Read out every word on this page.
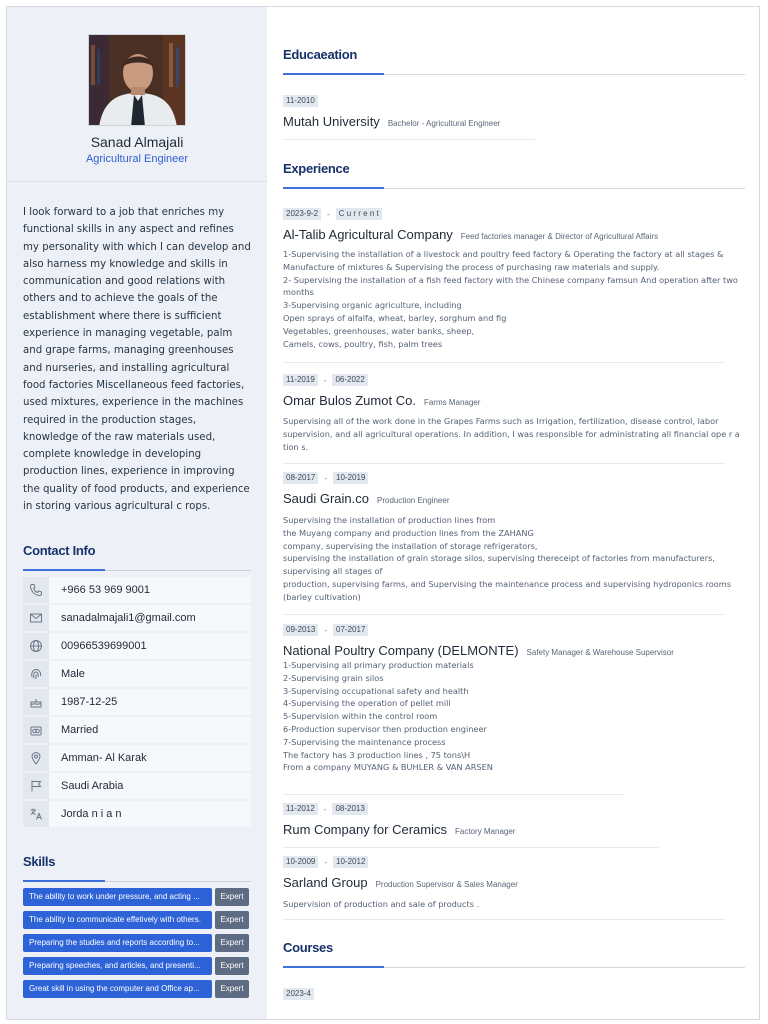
Sanad Almajali
Agricultural Engineer
I look forward to a job that enriches my functional skills in any aspect and refines my personality with which I can develop and also harness my knowledge and skills in communication and good relations with others and to achieve the goals of the establishment where there is sufficient experience in managing vegetable, palm and grape farms, managing greenhouses and nurseries, and installing agricultural food factories Miscellaneous feed factories, used mixtures, experience in the machines required in the production stages, knowledge of the raw materials used, complete knowledge in developing production lines, experience in improving the quality of food products, and experience in storing various agricultural c rops.
Contact Info
+966 53 969 9001
sanadalmajali1@gmail.com
00966539699001
Male
1987-12-25
Married
Amman- Al Karak
Saudi Arabia
Jorda n i a n
Skills
The ability to work under pressure, and acting ...	Expert
The ability to communicate effetively with others.	Expert
Preparing the studies and reports according to...	Expert
Preparing speeches, and articles, and presenti...	Expert
Great skill in using the computer and Office ap...	Expert
Educaeation
11-2010
Mutah University Bachelor - Agricultural Engineer
Experience
2023-9-2	-	C u r r e n t
Al-Talib Agricultural Company Feed factories manager & Director of Agricultural Affairs
1-Supervising the installation of a livestock and poultry feed factory & Operating the factory at all stages & Manufacture of mixtures & Supervising the process of purchasing raw materials and supply.
2- Supervising the installation of a fish feed factory with the Chinese company famsun And operation after two months
3-Supervising organic agriculture, including
Open sprays of alfalfa, wheat, barley, sorghum and fig
Vegetables, greenhouses, water banks, sheep,
Camels, cows, poultry, fish, palm trees
11-2019	-	06-2022
Omar Bulos Zumot Co. Farms Manager
Supervising all of the work done in the Grapes Farms such as Irrigation, fertilization, disease control, labor supervision, and all agricultural operations. In addition, I was responsible for administrating all financial ope r a tion s.
08-2017	-	10-2019
Saudi Grain.co Production Engineer
Supervising the installation of production lines from
the Muyang company and production lines from the ZAHANG
company, supervising the installation of storage refrigerators,
supervising the installation of grain storage silos, supervising thereceipt of factories from manufacturers, supervising all stages of
production, supervising farms, and Supervising the maintenance process and supervising hydroponics rooms (barley cultivation)
09-2013	-	07-2017
National Poultry Company (DELMONTE) Safety Manager & Warehouse Supervisor
1-Supervising all primary production materials
2-Supervising grain silos
3-Supervising occupational safety and health
4-Supervising the operation of pellet mill
5-Supervision within the control room
6-Production supervisor then production engineer
7-Supervising the maintenance process
The factory has 3 production lines , 75 tons\H
From a company MUYANG & BUHLER & VAN ARSEN
11-2012	-	08-2013
Rum Company for Ceramics Factory Manager
10-2009	-	10-2012
Sarland Group Production Supervisor & Sales Manager
Supervision of production and sale of products .
Courses
2023-4
